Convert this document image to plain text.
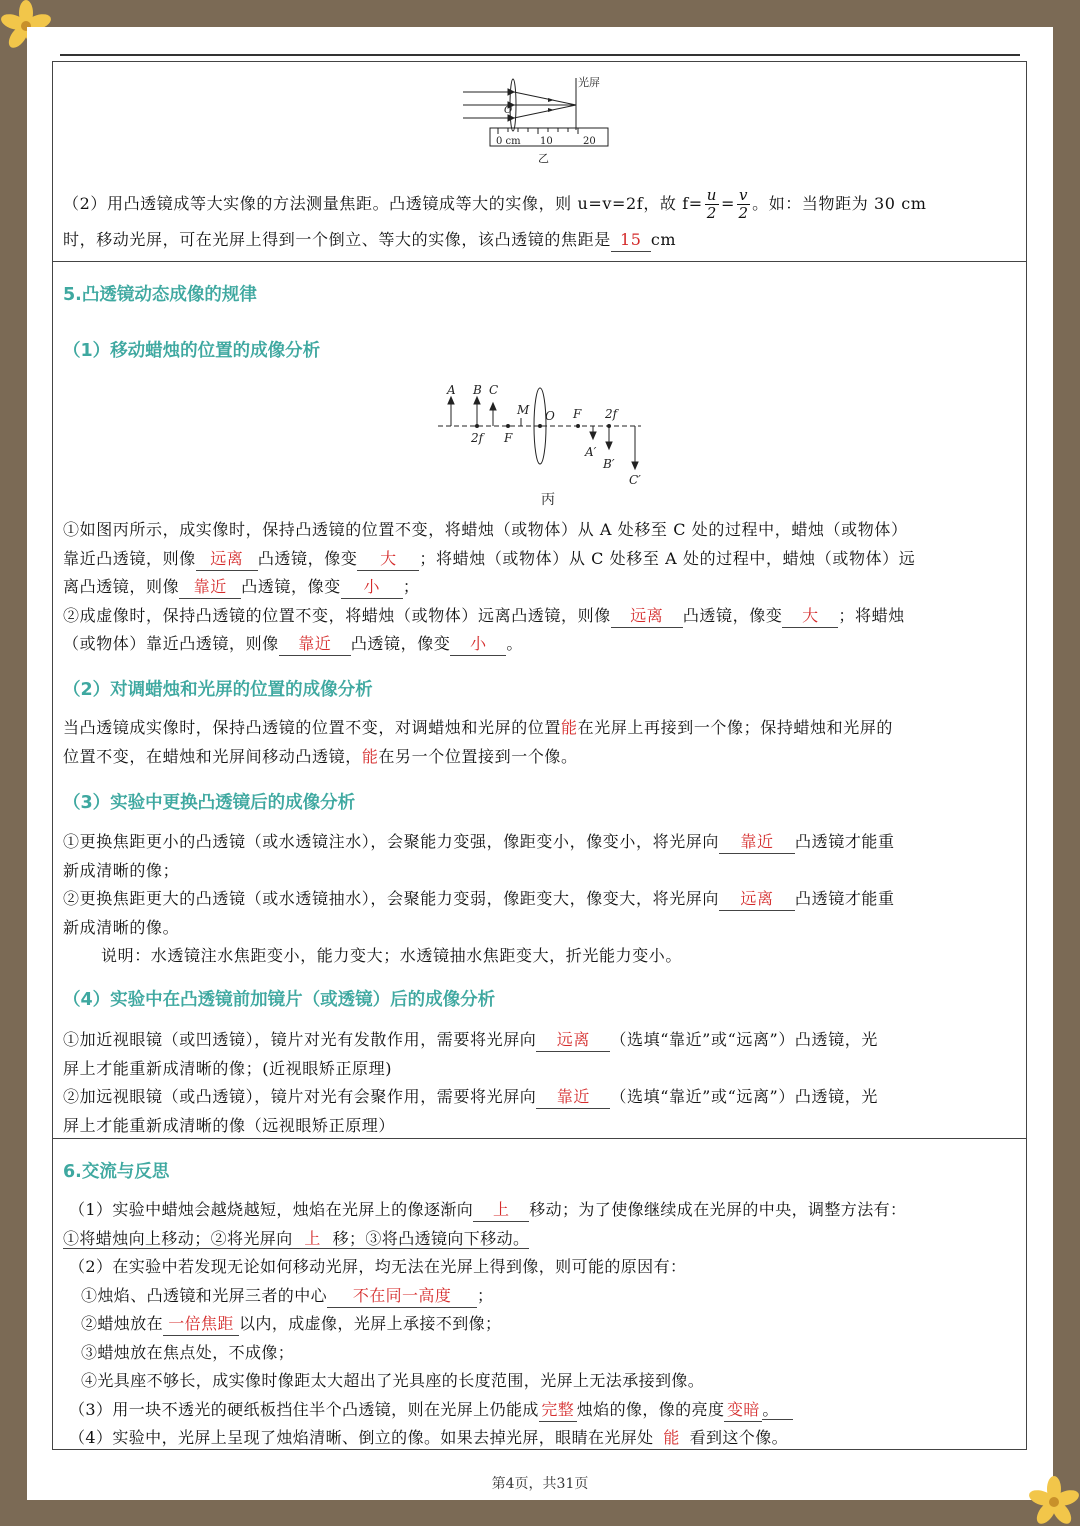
光屏
O
0 cm 10	20
乙
（2）用凸透镜成等大实像的方法测量焦距。凸透镜成等大的实像，则 u=v=2f，故 $f= \frac{u}{2} = \frac{v}{2}$ 。如：当物距为 30 cm
时，移动光屏，可在光屏上得到一个倒立、等大的实像，该凸透镜的焦距是 15 cm
5.凸透镜动态成像的规律
（1）移动蜡烛的位置的成像分析
A B C
M O
2f F
F 2f
A′
B′
C′
丙
①如图丙所示，成实像时，保持凸透镜的位置不变，将蜡烛（或物体）从 A 处移至 C 处的过程中，蜡烛（或物体）
靠近凸透镜，则像 远离 凸透镜，像变 大 ；将蜡烛（或物体）从 C 处移至 A 处的过程中，蜡烛（或物体）远
离凸透镜，则像 靠近 凸透镜，像变 小 ；
②成虚像时，保持凸透镜的位置不变，将蜡烛（或物体）远离凸透镜，则像 远离 凸透镜，像变 大 ；将蜡烛
（或物体）靠近凸透镜，则像 靠近 凸透镜，像变 小 。
（2）对调蜡烛和光屏的位置的成像分析
当凸透镜成实像时，保持凸透镜的位置不变，对调蜡烛和光屏的位置能在光屏上再接到一个像；保持蜡烛和光屏的
位置不变，在蜡烛和光屏间移动凸透镜，能在另一个位置接到一个像。
（3）实验中更换凸透镜后的成像分析
①更换焦距更小的凸透镜（或水透镜注水），会聚能力变强，像距变小，像变小，将光屏向 靠近 凸透镜才能重
新成清晰的像；
②更换焦距更大的凸透镜（或水透镜抽水），会聚能力变弱，像距变大，像变大，将光屏向 远离 凸透镜才能重
新成清晰的像。
说明：水透镜注水焦距变小，能力变大；水透镜抽水焦距变大，折光能力变小。
（4）实验中在凸透镜前加镜片（或透镜）后的成像分析
①加近视眼镜（或凹透镜），镜片对光有发散作用，需要将光屏向 远离 （选填“靠近”或“远离”）凸透镜，光
屏上才能重新成清晰的像；(近视眼矫正原理)
②加远视眼镜（或凸透镜），镜片对光有会聚作用，需要将光屏向 靠近 （选填“靠近”或“远离”）凸透镜，光
屏上才能重新成清晰的像（远视眼矫正原理）
6.交流与反思
（1）实验中蜡烛会越烧越短，烛焰在光屏上的像逐渐向 上 移动；为了使像继续成在光屏的中央，调整方法有：
①将蜡烛向上移动；②将光屏向 上 移；③将凸透镜向下移动。
（2）在实验中若发现无论如何移动光屏，均无法在光屏上得到像，则可能的原因有：
①烛焰、凸透镜和光屏三者的中心 不在同一高度 ；
②蜡烛放在 一倍焦距 以内，成虚像，光屏上承接不到像；
③蜡烛放在焦点处，不成像；
④光具座不够长，成实像时像距太大超出了光具座的长度范围，光屏上无法承接到像。
（3）用一块不透光的硬纸板挡住半个凸透镜，则在光屏上仍能成 完整 烛焰的像，像的亮度 变暗 。
（4）实验中，光屏上呈现了烛焰清晰、倒立的像。如果去掉光屏，眼睛在光屏处 能 看到这个像。
第4页，共31页
